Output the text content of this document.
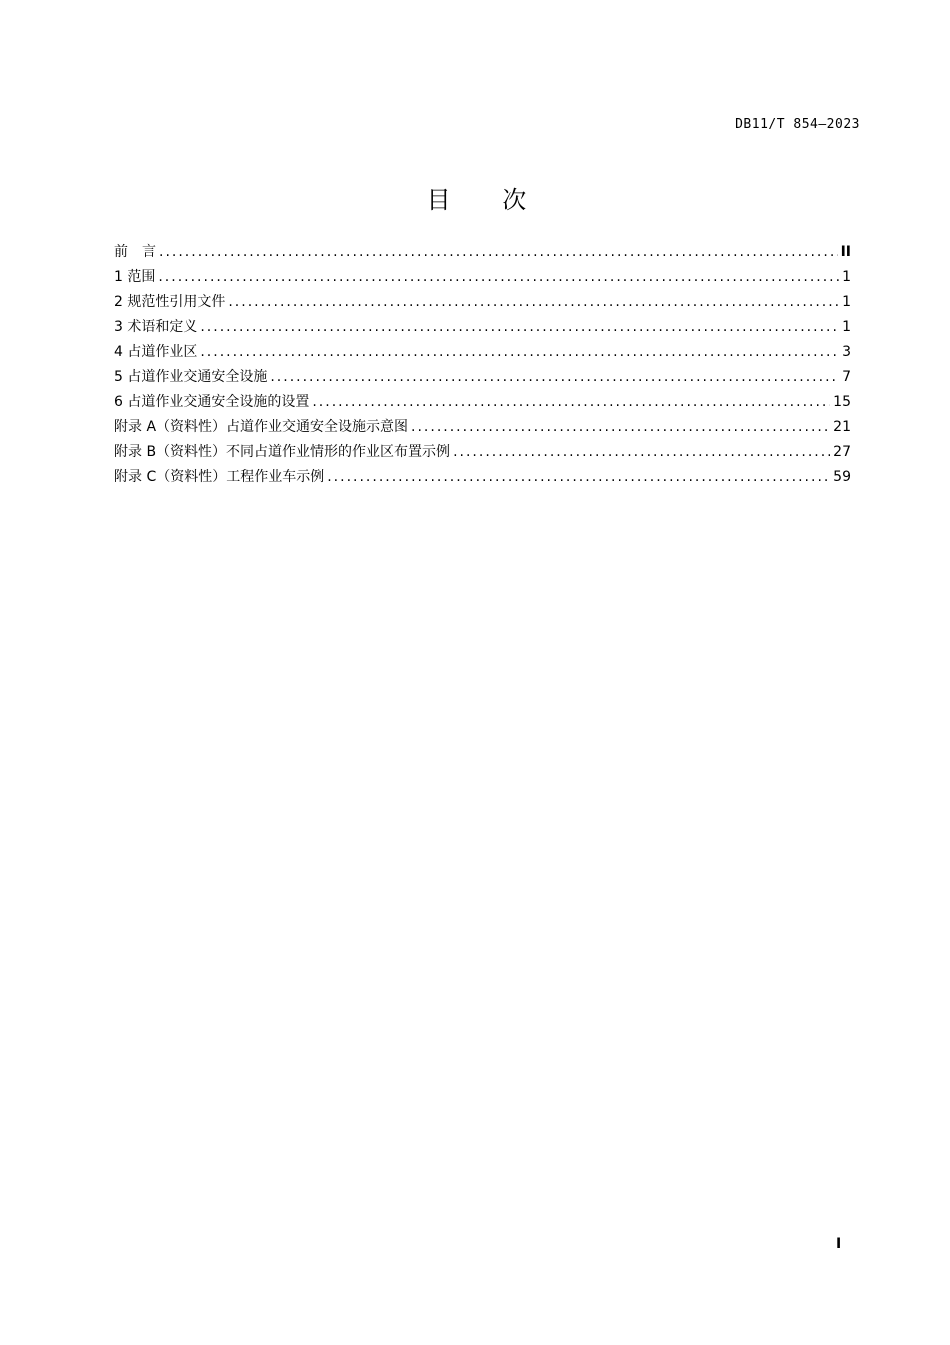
DB11/T 854—2023
目 次
前　言 .....	II
1 范围 .....	1
2 规范性引用文件 .....	1
3 术语和定义 .....	1
4 占道作业区 .....	3
5 占道作业交通安全设施 .....	7
6 占道作业交通安全设施的设置 .....	15
附录 A（资料性）占道作业交通安全设施示意图 .....	21
附录 B（资料性）不同占道作业情形的作业区布置示例 .....	27
附录 C（资料性）工程作业车示例 .....	59
I
